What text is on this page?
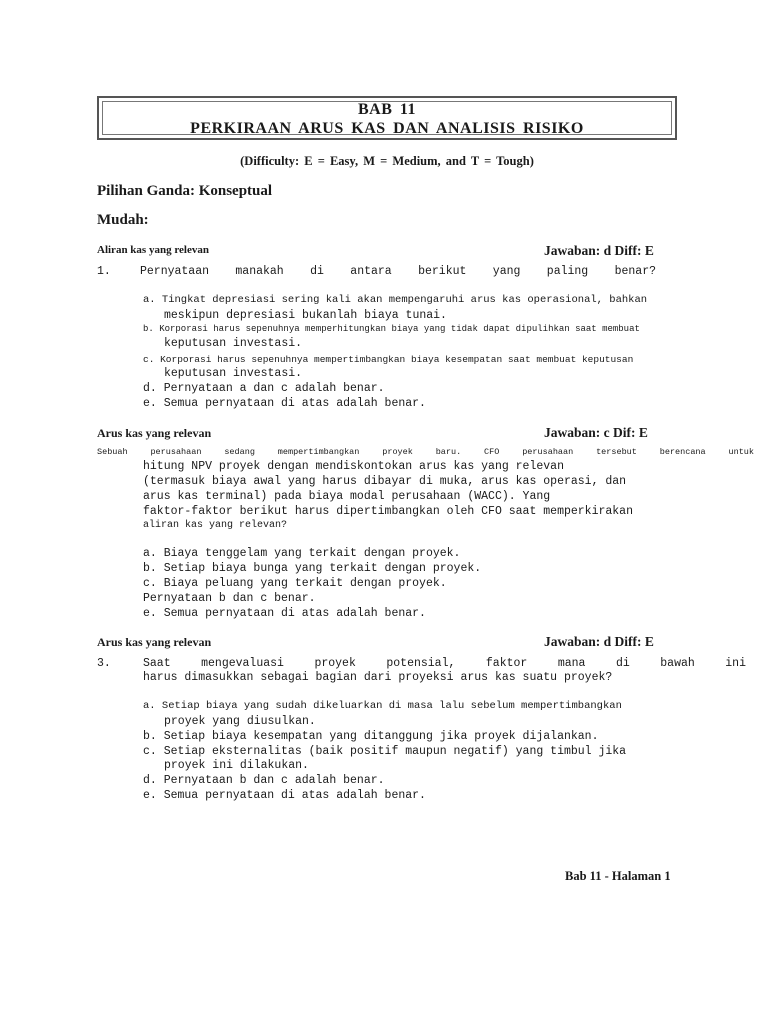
BAB 11
PERKIRAAN ARUS KAS DAN ANALISIS RISIKO
(Difficulty: E = Easy, M = Medium, and T = Tough)
Pilihan Ganda: Konseptual
Mudah:
Aliran kas yang relevan	Jawaban: d Diff: E
1.	Pernyataan manakah di antara berikut yang paling benar?
a. Tingkat depresiasi sering kali akan mempengaruhi arus kas operasional, bahkan
meskipun depresiasi bukanlah biaya tunai.
b. Korporasi harus sepenuhnya memperhitungkan biaya yang tidak dapat dipulihkan saat membuat
keputusan investasi.
c. Korporasi harus sepenuhnya mempertimbangkan biaya kesempatan saat membuat keputusan
keputusan investasi.
d. Pernyataan a dan c adalah benar.
e. Semua pernyataan di atas adalah benar.
Arus kas yang relevan	Jawaban: c Dif: E
Sebuah perusahaan sedang mempertimbangkan proyek baru. CFO perusahaan tersebut berencana untuk
hitung NPV proyek dengan mendiskontokan arus kas yang relevan
(termasuk biaya awal yang harus dibayar di muka, arus kas operasi, dan
arus kas terminal) pada biaya modal perusahaan (WACC). Yang
faktor-faktor berikut harus dipertimbangkan oleh CFO saat memperkirakan
aliran kas yang relevan?
a. Biaya tenggelam yang terkait dengan proyek.
b. Setiap biaya bunga yang terkait dengan proyek.
c. Biaya peluang yang terkait dengan proyek.
Pernyataan b dan c benar.
e. Semua pernyataan di atas adalah benar.
Arus kas yang relevan	Jawaban: d Diff: E
3.	Saat mengevaluasi proyek potensial, faktor mana di bawah ini
harus dimasukkan sebagai bagian dari proyeksi arus kas suatu proyek?
a. Setiap biaya yang sudah dikeluarkan di masa lalu sebelum mempertimbangkan
proyek yang diusulkan.
b. Setiap biaya kesempatan yang ditanggung jika proyek dijalankan.
c. Setiap eksternalitas (baik positif maupun negatif) yang timbul jika
proyek ini dilakukan.
d. Pernyataan b dan c adalah benar.
e. Semua pernyataan di atas adalah benar.
Bab 11 - Halaman 1
